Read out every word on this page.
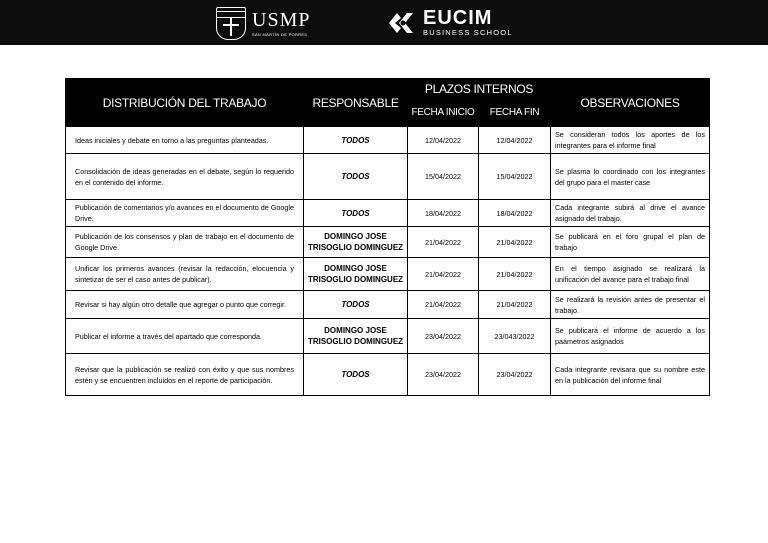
USMP
SAN MARTÍN DE PORRES
EUCIM
BUSINESS SCHOOL
DISTRIBUCIÓN DEL TRABAJO	RESPONSABLE	PLAZOS INTERNOS		OBSERVACIONES
		FECHA INICIO	FECHA FIN	
Ideas iniciales y debate en torno a las preguntas planteadas.	TODOS	12/04/2022	12/04/2022	Se consideran todos los aportes de los integrantes para el informe final
Consolidación de ideas generadas en el debate, según lo requerido en el contenido del informe.	TODOS	15/04/2022	15/04/2022	Se plasma lo coordinado con los integrantes del grupo para el master case
Publicación de comentarios y/o avances en el documento de Google Drive.	TODOS	18/04/2022	18/04/2022	Cada integrante subirá al drive el avance asignado del trabajo.
Publicación de los consensos y plan de trabajo en el documento de Google Drive.	DOMINGO JOSE TRISOGLIO DOMINGUEZ	21/04/2022	21/04/2022	Se publicará en el foro grupal el plan de trabajo
Unificar los primeros avances (revisar la redacción, elocuencia y sintetizar de ser el caso antes de publicar).	DOMINGO JOSE TRISOGLIO DOMINGUEZ	21/04/2022	21/04/2022	En el tiempo asignado se realizará la unificación del avance para el trabajo final
Revisar si hay algún otro detalle que agregar o punto que corregir.	TODOS	21/04/2022	21/04/2022	Se realizará la revisión antes de presentar el trabajo.
Publicar el informe a través del apartado que corresponda.	DOMINGO JOSE TRISOGLIO DOMINGUEZ	23/04/2022	23/043/2022	Se publicará el informe de acuerdo a los paámetros asignados
Revisar que la publicación se realizó con éxito y que sus nombres estén y se encuentren incluidos en el reporte de participación.	TODOS	23/04/2022	23/04/2022	Cada integrante revisara que su nombre este en la publicación del informe final
